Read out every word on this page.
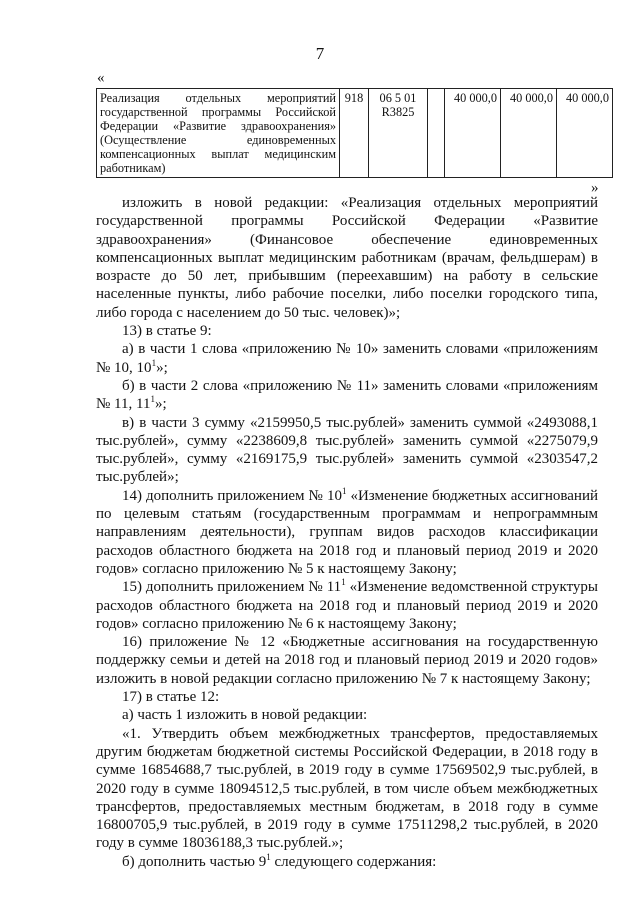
7
«
Реализация отдельных мероприятий государственной программы Российской Федерации «Развитие здравоохранения» (Осуществление единовременных компенсационных выплат медицинским работникам)	918	06 5 01 R3825		40 000,0	40 000,0	40 000,0
»

изложить в новой редакции: «Реализация отдельных мероприятий государственной программы Российской Федерации «Развитие здравоохранения» (Финансовое обеспечение единовременных компенсационных выплат медицинским работникам (врачам, фельдшерам) в возрасте до 50 лет, прибывшим (переехавшим) на работу в сельские населенные пункты, либо рабочие поселки, либо поселки городского типа, либо города с населением до 50 тыс. человек)»;

13) в статье 9:

а) в части 1 слова «приложению № 10» заменить словами «приложениям № 10, $10^1$»;

б) в части 2 слова «приложению № 11» заменить словами «приложениям № 11, $11^1$»;

в) в части 3 сумму «2159950,5 тыс.рублей» заменить суммой «2493088,1 тыс.рублей», сумму «2238609,8 тыс.рублей» заменить суммой «2275079,9 тыс.рублей», сумму «2169175,9 тыс.рублей» заменить суммой «2303547,2 тыс.рублей»;

14) дополнить приложением № $10^1$ «Изменение бюджетных ассигнований по целевым статьям (государственным программам и непрограммным направлениям деятельности), группам видов расходов классификации расходов областного бюджета на 2018 год и плановый период 2019 и 2020 годов» согласно приложению № 5 к настоящему Закону;

15) дополнить приложением № $11^1$ «Изменение ведомственной структуры расходов областного бюджета на 2018 год и плановый период 2019 и 2020 годов» согласно приложению № 6 к настоящему Закону;

16) приложение № 12 «Бюджетные ассигнования на государственную поддержку семьи и детей на 2018 год и плановый период 2019 и 2020 годов» изложить в новой редакции согласно приложению № 7 к настоящему Закону;

17) в статье 12:

а) часть 1 изложить в новой редакции:

«1. Утвердить объем межбюджетных трансфертов, предоставляемых другим бюджетам бюджетной системы Российской Федерации, в 2018 году в сумме 16854688,7 тыс.рублей, в 2019 году в сумме 17569502,9 тыс.рублей, в 2020 году в сумме 18094512,5 тыс.рублей, в том числе объем межбюджетных трансфертов, предоставляемых местным бюджетам, в 2018 году в сумме 16800705,9 тыс.рублей, в 2019 году в сумме 17511298,2 тыс.рублей, в 2020 году в сумме 18036188,3 тыс.рублей.»;

б) дополнить частью $9^1$ следующего содержания:
